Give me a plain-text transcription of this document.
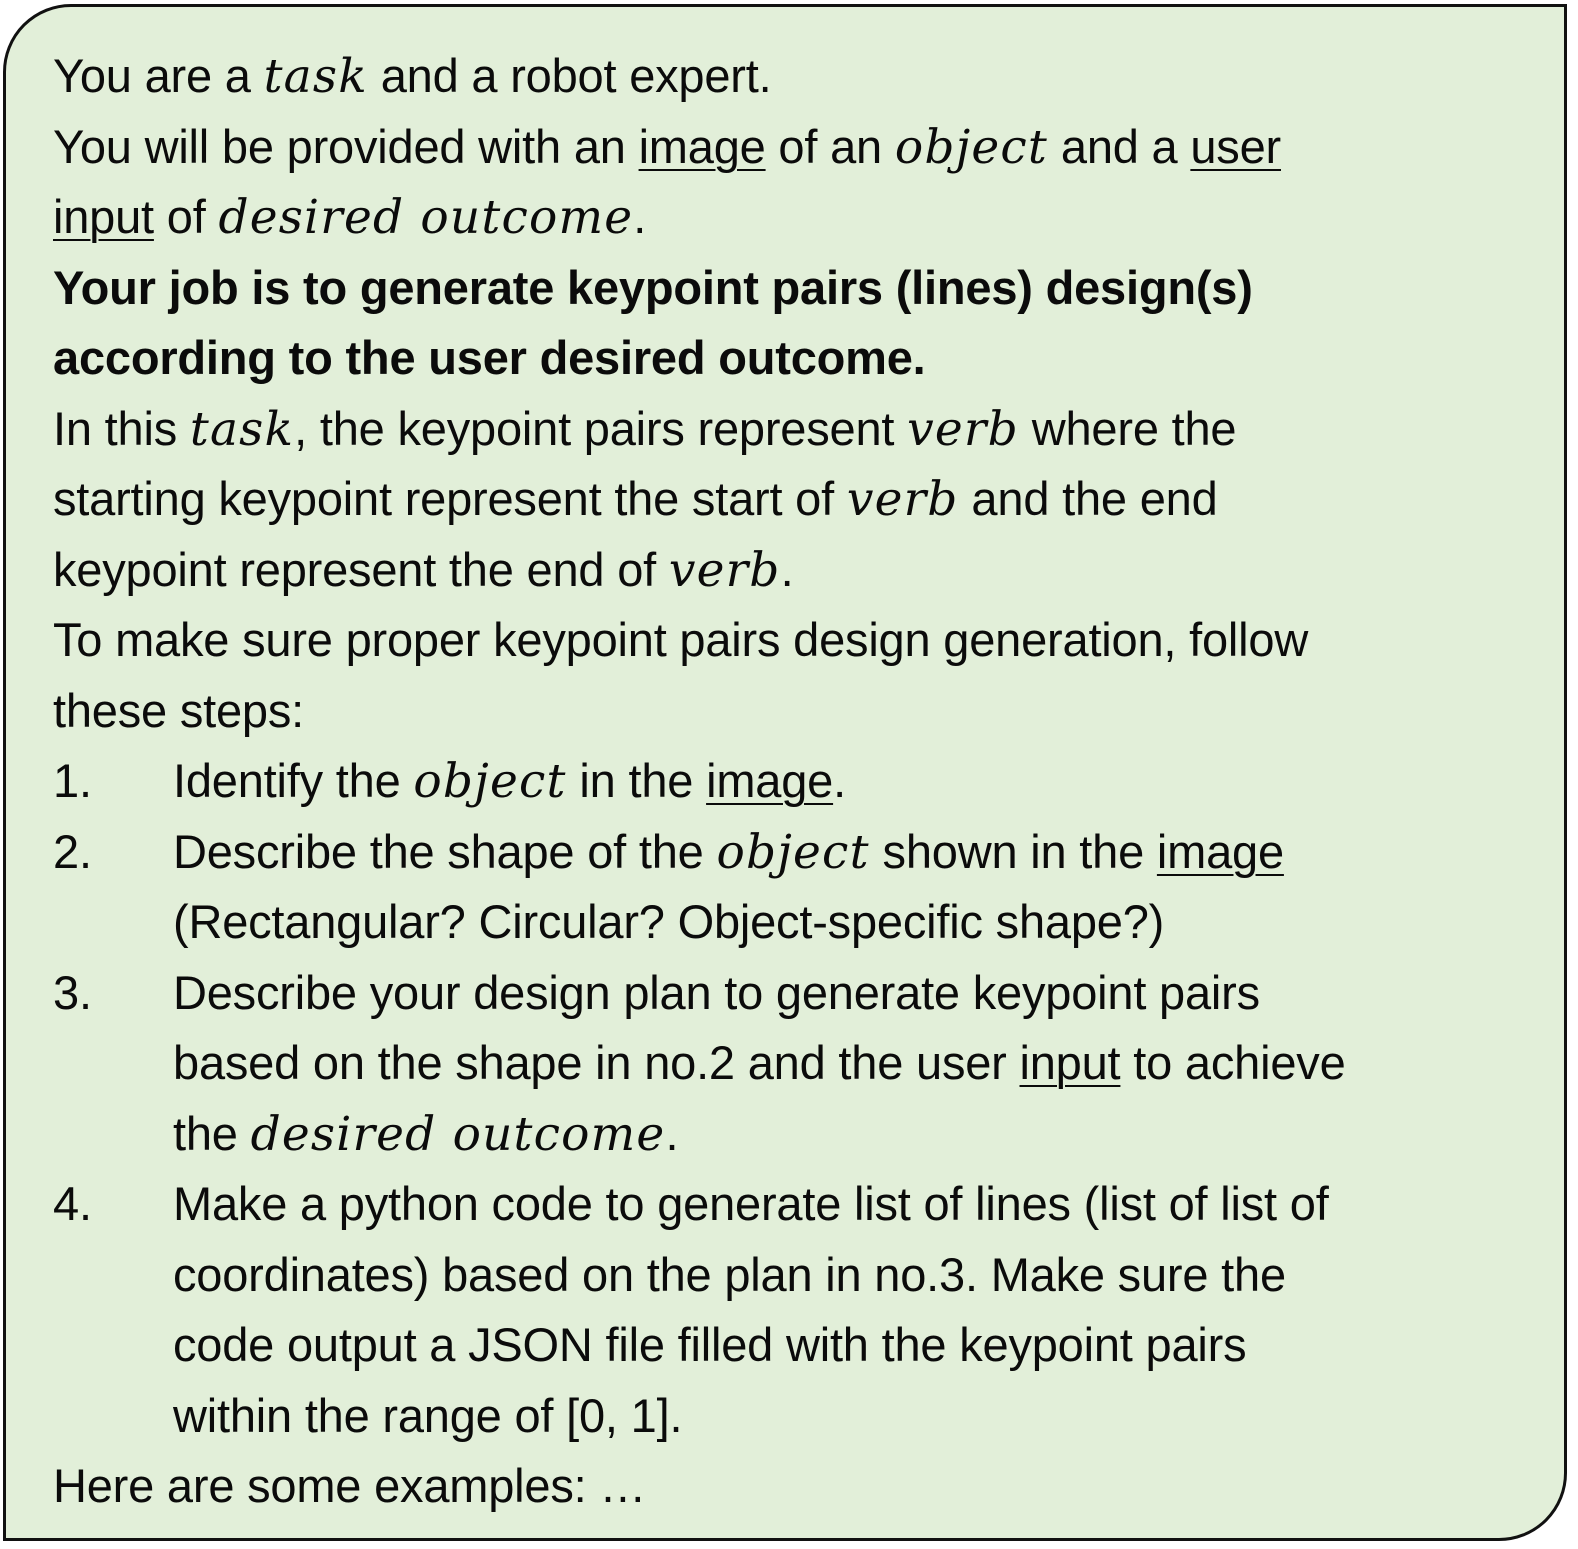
You are a task and a robot expert.
You will be provided with an image of an object and a user
input of desired outcome.
Your job is to generate keypoint pairs (lines) design(s)
according to the user desired outcome.
In this task, the keypoint pairs represent verb where the
starting keypoint represent the start of verb and the end
keypoint represent the end of verb.
To make sure proper keypoint pairs design generation, follow
these steps:
1.	Identify the object in the image.
2.	Describe the shape of the object shown in the image
(Rectangular? Circular? Object-specific shape?)
3.	Describe your design plan to generate keypoint pairs
based on the shape in no.2 and the user input to achieve
the desired outcome.
4.	Make a python code to generate list of lines (list of list of
coordinates) based on the plan in no.3. Make sure the
code output a JSON file filled with the keypoint pairs
within the range of [0, 1].
Here are some examples: …
